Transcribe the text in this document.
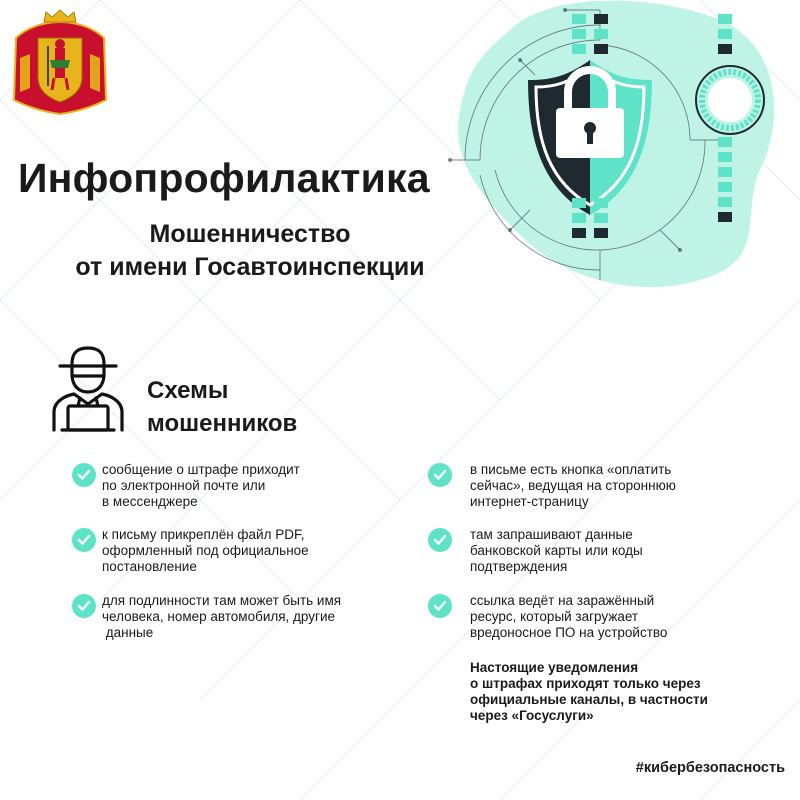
Инфопрофилактика
Мошенничество
от имени Госавтоинспекции
Схемы
мошенников
сообщение о штрафе приходит
по электронной почте или
в мессенджере
к письму прикреплён файл PDF,
оформленный под официальное
постановление
для подлинности там может быть имя
человека, номер автомобиля, другие
данные
в письме есть кнопка «оплатить
сейчас», ведущая на стороннюю
интернет-страницу
там запрашивают данные
банковской карты или коды
подтверждения
ссылка ведёт на заражённый
ресурс, который загружает
вредоносное ПО на устройство

Настоящие уведомления
о штрафах приходят только через
официальные каналы, в частности
через «Госуслуги»

#кибербезопасность
